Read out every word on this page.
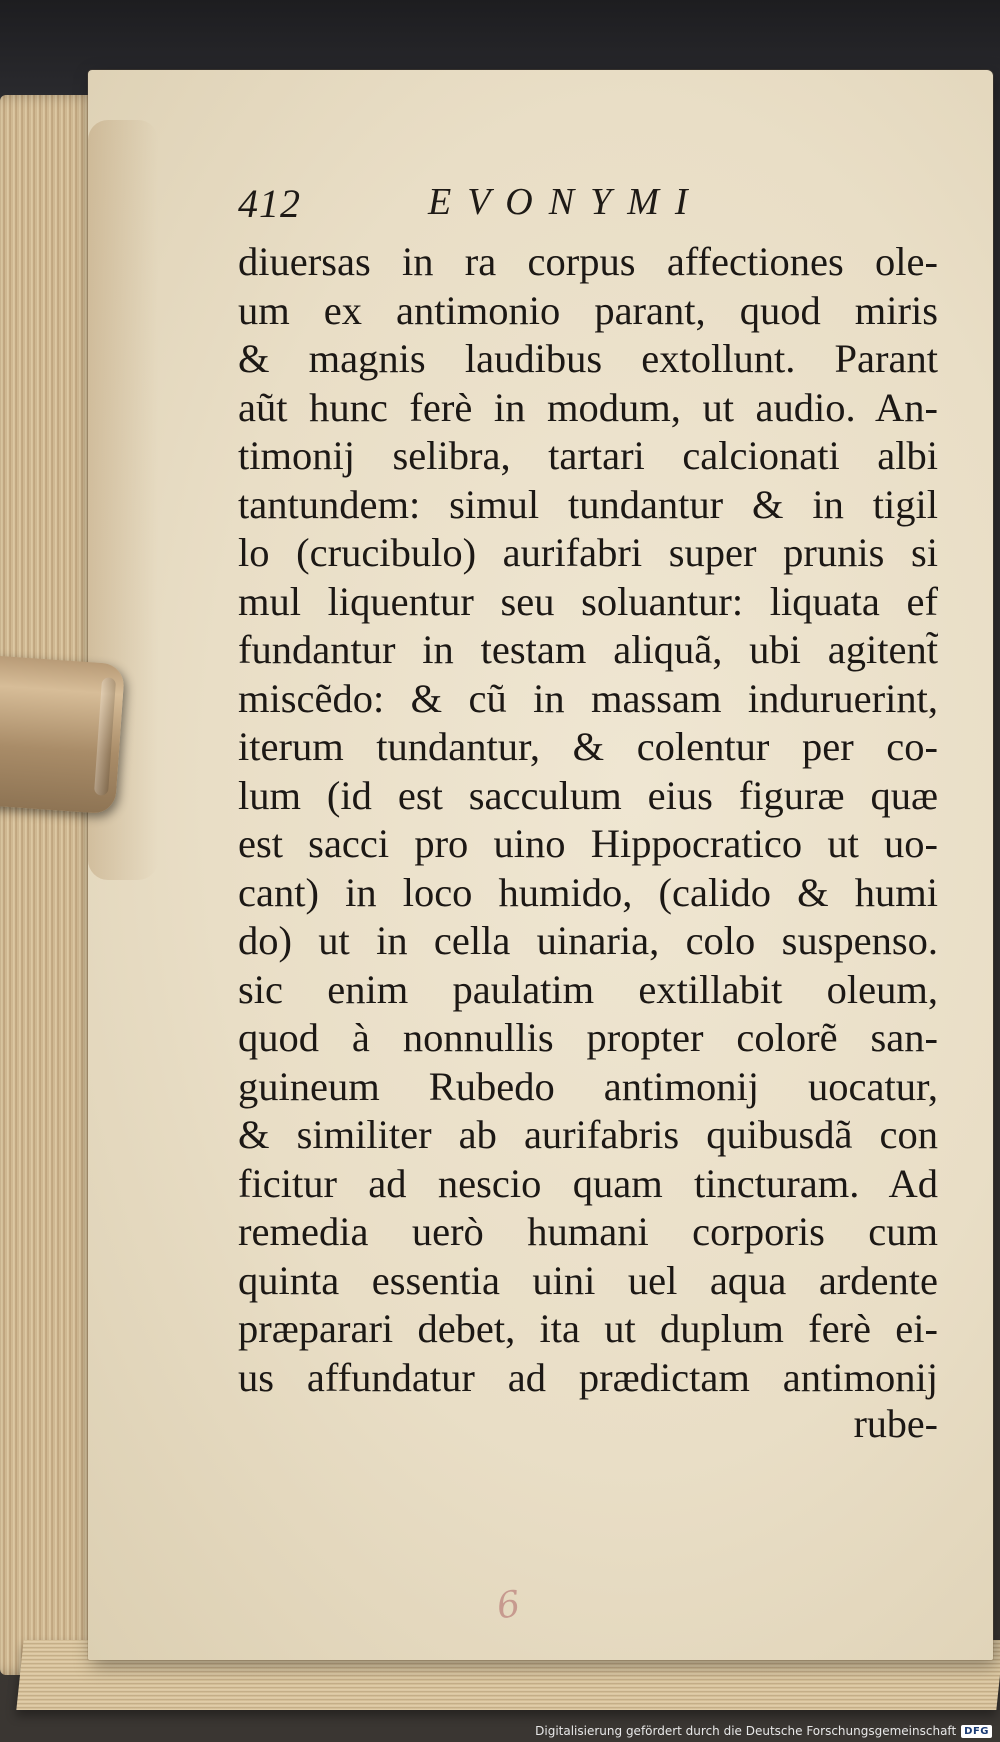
412	EVONYMI
diuersas in ra corpus affectiones ole-
um ex antimonio parant, quod miris
& magnis laudibus extollunt. Parant
aũt hunc ferè in modum, ut audio. An-
timonij selibra, tartari calcionati albi
tantundem: simul tundantur & in tigil
lo (crucibulo) aurifabri super prunis si
mul liquentur seu soluantur: liquata ef
fundantur in testam aliquã, ubi agitent̃
miscẽdo: & cũ in massam induruerint,
iterum tundantur, & colentur per co-
lum (id est sacculum eius figuræ quæ
est sacci pro uino Hippocratico ut uo-
cant) in loco humido, (calido & humi
do) ut in cella uinaria, colo suspenso.
sic enim paulatim extillabit oleum,
quod à nonnullis propter colorẽ san-
guineum Rubedo antimonij uocatur,
& similiter ab aurifabris quibusdã con
ficitur ad nescio quam tincturam. Ad
remedia uerò humani corporis cum
quinta essentia uini uel aqua ardente
præparari debet, ita ut duplum ferè ei-
us affundatur ad prædictam antimonij
rube-
6
Digitalisierung gefördert durch die Deutsche Forschungsgemeinschaft DFG
